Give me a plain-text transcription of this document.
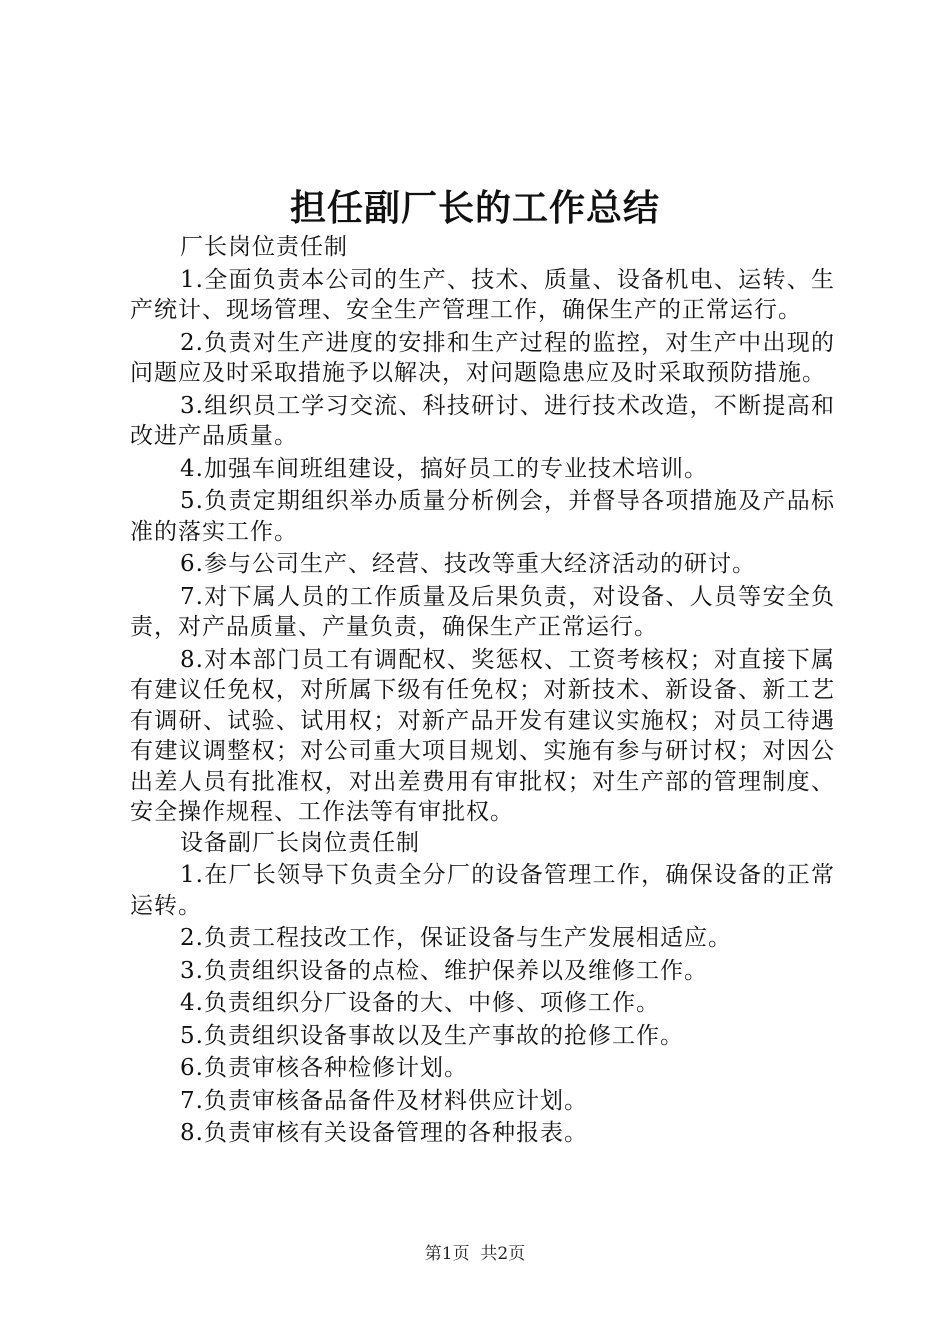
担任副厂长的工作总结

厂长岗位责任制

1.全面负责本公司的生产、技术、质量、设备机电、运转、生产统计、现场管理、安全生产管理工作，确保生产的正常运行。

2.负责对生产进度的安排和生产过程的监控，对生产中出现的问题应及时采取措施予以解决，对问题隐患应及时采取预防措施。

3.组织员工学习交流、科技研讨、进行技术改造，不断提高和改进产品质量。

4.加强车间班组建设，搞好员工的专业技术培训。

5.负责定期组织举办质量分析例会，并督导各项措施及产品标准的落实工作。

6.参与公司生产、经营、技改等重大经济活动的研讨。

7.对下属人员的工作质量及后果负责，对设备、人员等安全负责，对产品质量、产量负责，确保生产正常运行。

8.对本部门员工有调配权、奖惩权、工资考核权；对直接下属有建议任免权，对所属下级有任免权；对新技术、新设备、新工艺有调研、试验、试用权；对新产品开发有建议实施权；对员工待遇有建议调整权；对公司重大项目规划、实施有参与研讨权；对因公出差人员有批准权，对出差费用有审批权；对生产部的管理制度、安全操作规程、工作法等有审批权。

设备副厂长岗位责任制

1.在厂长领导下负责全分厂的设备管理工作，确保设备的正常运转。

2.负责工程技改工作，保证设备与生产发展相适应。

3.负责组织设备的点检、维护保养以及维修工作。

4.负责组织分厂设备的大、中修、项修工作。

5.负责组织设备事故以及生产事故的抢修工作。

6.负责审核各种检修计划。

7.负责审核备品备件及材料供应计划。

8.负责审核有关设备管理的各种报表。

第1页 共2页
